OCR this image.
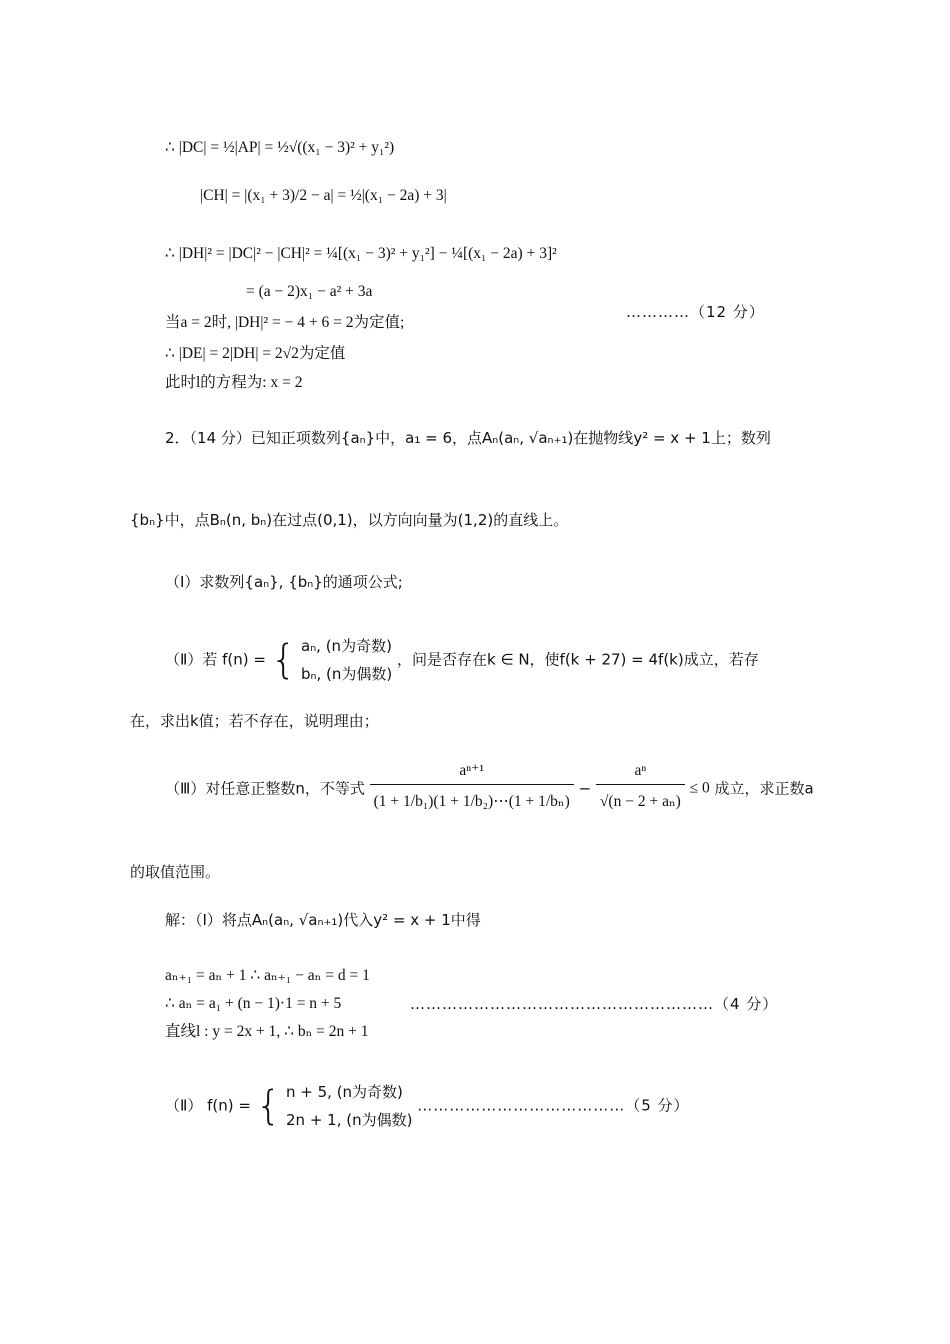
∴ |DC| = ½|AP| = ½√((x₁ − 3)² + y₁²)
|CH| = |(x₁ + 3)/2 − a| = ½|(x₁ − 2a) + 3|
∴ |DH|² = |DC|² − |CH|² = ¼[(x₁ − 3)² + y₁²] − ¼[(x₁ − 2a) + 3]²
= (a − 2)x₁ − a² + 3a
当a = 2时, |DH|² = − 4 + 6 = 2为定值;
…………（12 分）
∴ |DE| = 2|DH| = 2√2为定值
此时l的方程为: x = 2
2．（14 分）已知正项数列{aₙ}中，a₁ = 6，点Aₙ(aₙ, √aₙ₊₁)在抛物线y² = x + 1上；数列
{bₙ}中，点Bₙ(n, bₙ)在过点(0,1)，以方向向量为(1,2)的直线上。
（Ⅰ）求数列{aₙ}, {bₙ}的通项公式;
（Ⅱ）若 f(n) = { aₙ, (n为奇数)
bₙ, (n为偶数)
，问是否存在k ∈ N，使f(k + 27) = 4f(k)成立，若存
在，求出k值；若不存在，说明理由；
（Ⅲ）对任意正整数n，不等式 $\frac{\text{aⁿ⁺¹}}{\text{(1 + 1/b₁)(1 + 1/b₂)⋯(1 + 1/bₙ)}} - \frac{\text{aⁿ}}{\text{√(n − 2 + aₙ)}} \le 0$ 成立，求正数a
的取值范围。
解：（Ⅰ）将点Aₙ(aₙ, √aₙ₊₁)代入y² = x + 1中得
aₙ₊₁ = aₙ + 1 ∴ aₙ₊₁ − aₙ = d = 1
∴ aₙ = a₁ + (n − 1)·1 = n + 5	…………………………………………………（4 分）
直线l : y = 2x + 1, ∴ bₙ = 2n + 1
（Ⅱ） f(n) = { n + 5, (n为奇数)
2n + 1, (n为偶数)
…………………………………（5 分）
